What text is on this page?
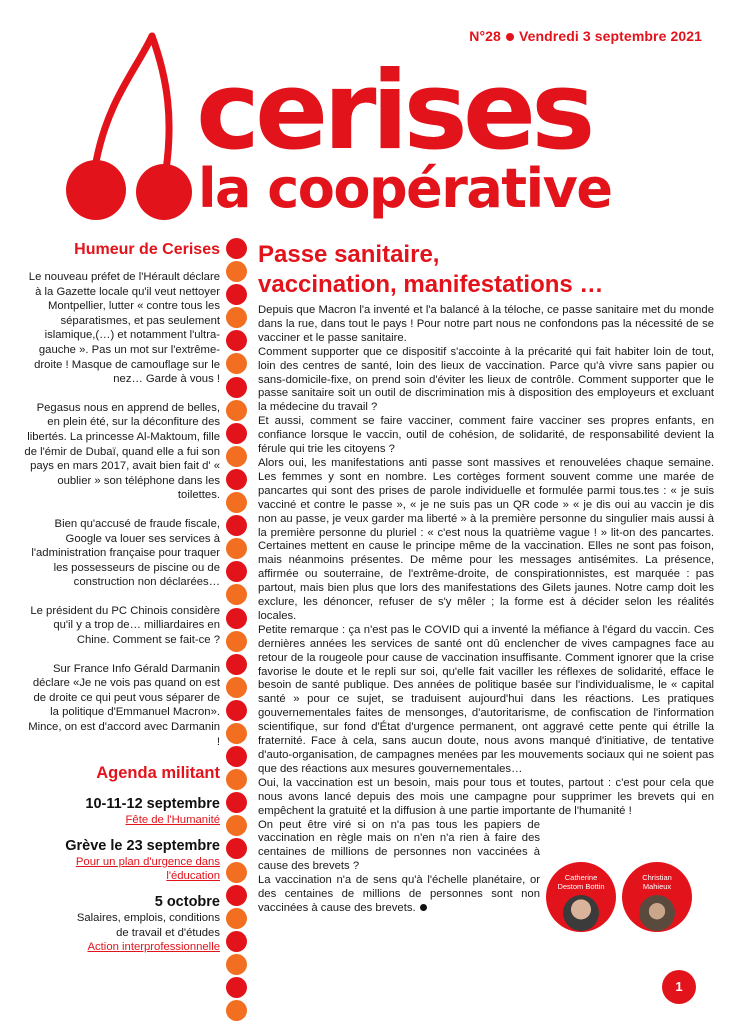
N°28 Vendredi 3 septembre 2021
cerises
la coopérative
Humeur de Cerises

Le nouveau préfet de l'Hérault déclare à la Gazette locale qu'il veut nettoyer Montpellier, lutter « contre tous les séparatismes, et pas seulement islamique,(…) et notamment l'ultra-gauche ». Pas un mot sur l'extrême-droite ! Masque de camouflage sur le nez… Garde à vous !

Pegasus nous en apprend de belles, en plein été, sur la déconfiture des libertés. La princesse Al-Maktoum, fille de l'émir de Dubaï, quand elle a fui son pays en mars 2017, avait bien fait d' « oublier » son téléphone dans les toilettes.

Bien qu'accusé de fraude fiscale, Google va louer ses services à l'administration française pour traquer les possesseurs de piscine ou de construction non déclarées…

Le président du PC Chinois considère qu'il y a trop de… milliardaires en Chine. Comment se fait-ce ?

Sur France Info Gérald Darmanin déclare «Je ne vois pas quand on est de droite ce qui peut vous séparer de la politique d'Emmanuel Macron». Mince, on est d'accord avec Darmanin !

Agenda militant
10-11-12 septembre
Fête de l'Humanité
Grève le 23 septembre
Pour un plan d'urgence dans l'éducation
5 octobre
Salaires, emplois, conditions de travail et d'études
Action interprofessionnelle
Passe sanitaire,
vaccination, manifestations …

Depuis que Macron l'a inventé et l'a balancé à la téloche, ce passe sanitaire met du monde dans la rue, dans tout le pays ! Pour notre part nous ne confondons pas la nécessité de se vacciner et le passe sanitaire.

Comment supporter que ce dispositif s'accointe à la précarité qui fait habiter loin de tout, loin des centres de santé, loin des lieux de vaccination. Parce qu'à vivre sans papier ou sans-domicile-fixe, on prend soin d'éviter les lieux de contrôle. Comment supporter que le passe sanitaire soit un outil de discrimination mis à disposition des employeurs et excluant la médecine du travail ?

Et aussi, comment se faire vacciner, comment faire vacciner ses propres enfants, en confiance lorsque le vaccin, outil de cohésion, de solidarité, de responsabilité devient la férule qui trie les citoyens ?

Alors oui, les manifestations anti passe sont massives et renouvelées chaque semaine. Les femmes y sont en nombre. Les cortèges forment souvent comme une marée de pancartes qui sont des prises de parole individuelle et formulée parmi tous.tes : « je suis vacciné et contre le passe », « je ne suis pas un QR code » « je dis oui au vaccin je dis non au passe, je veux garder ma liberté » à la première personne du singulier mais aussi à la première personne du pluriel : « c'est nous la quatrième vague ! » lit-on des pancartes. Certaines mettent en cause le principe même de la vaccination. Elles ne sont pas foison, mais néanmoins présentes. De même pour les messages antisémites. La présence, affirmée ou souterraine, de l'extrême-droite, de conspirationnistes, est marquée : pas partout, mais bien plus que lors des manifestations des Gilets jaunes. Notre camp doit les exclure, les dénoncer, refuser de s'y mêler ; la forme est à décider selon les réalités locales.

Petite remarque : ça n'est pas le COVID qui a inventé la méfiance à l'égard du vaccin. Ces dernières années les services de santé ont dû enclencher de vives campagnes face au retour de la rougeole pour cause de vaccination insuffisante. Comment ignorer que la crise favorise le doute et le repli sur soi, qu'elle fait vaciller les réflexes de solidarité, efface le besoin de santé publique. Des années de politique basée sur l'individualisme, le « capital santé » pour ce sujet, se traduisent aujourd'hui dans les réactions. Les pratiques gouvernementales faites de mensonges, d'autoritarisme, de confiscation de l'information scientifique, sur fond d'État d'urgence permanent, ont aggravé cette pente qui étrille la fraternité. Face à cela, sans aucun doute, nous avons manqué d'initiative, de tentative d'auto-organisation, de campagnes menées par les mouvements sociaux qui ne soient pas que des réactions aux mesures gouvernementales…

Oui, la vaccination est un besoin, mais pour tous et toutes, partout : c'est pour cela que nous avons lancé depuis des mois une campagne pour supprimer les brevets qui en empêchent la gratuité et la diffusion à une partie importante de l'humanité !

On peut être viré si on n'a pas tous les papiers de vaccination en règle mais on n'en n'a rien à faire des centaines de millions de personnes non vaccinées à cause des brevets ?

La vaccination n'a de sens qu'à l'échelle planétaire, or des centaines de millions de personnes sont non vaccinées à cause des brevets.

Catherine
Destom Bottin
Christian
Mahieux
1
